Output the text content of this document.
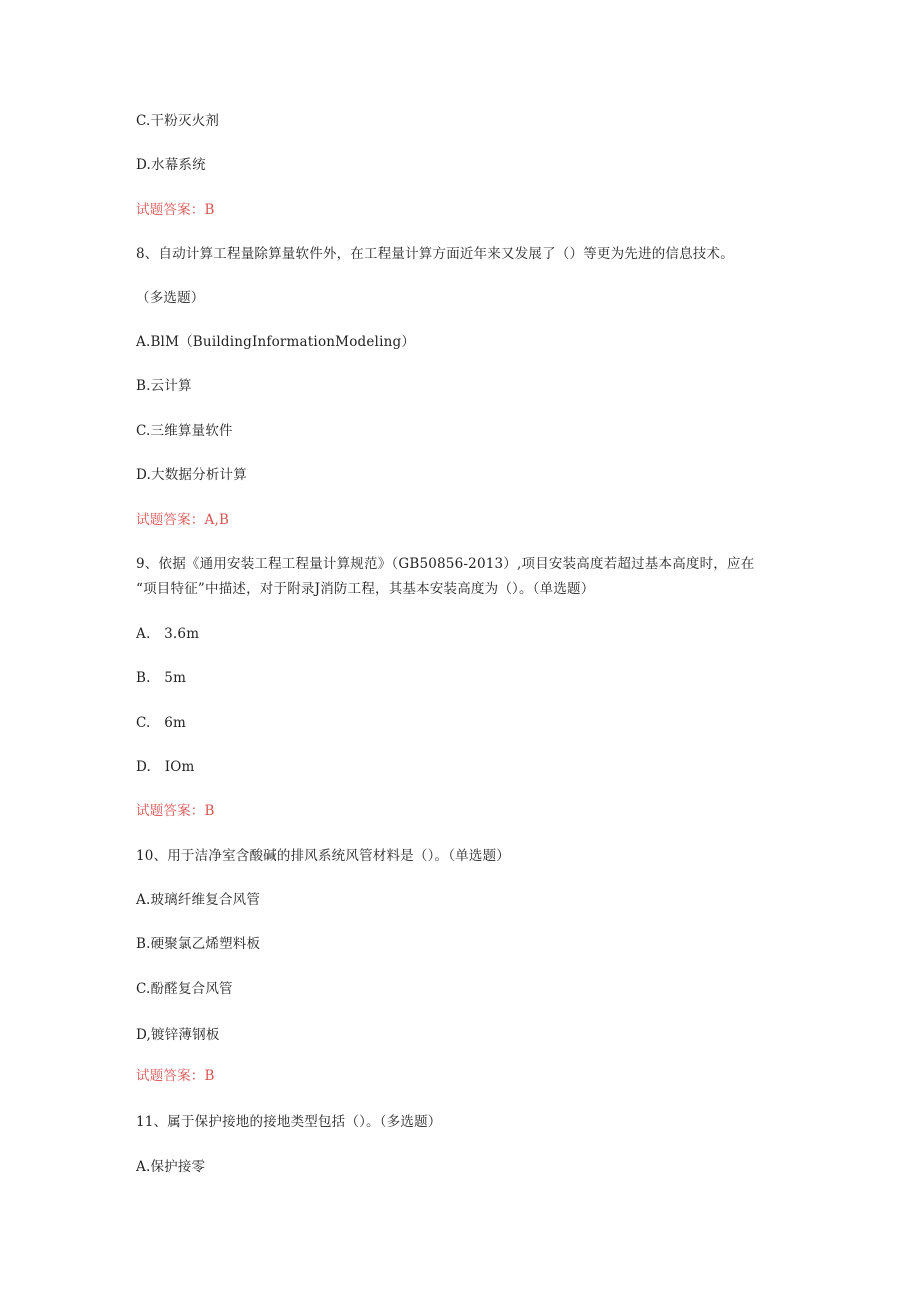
C.干粉灭火剂

D.水幕系统

试题答案：B

8、自动计算工程量除算量软件外，在工程量计算方面近年来又发展了（）等更为先进的信息技术。

（多选题）

A.BlM（BuildingInformationModeling）

B.云计算

C.三维算量软件

D.大数据分析计算

试题答案：A,B

9、依据《通用安装工程工程量计算规范》（GB50856-2013）,项目安装高度若超过基本高度时，应在

“项目特征”中描述，对于附录J消防工程，其基本安装高度为（）。（单选题）

A.　3.6m

B.　5m

C.　6m

D.　IOm

试题答案：B

10、用于洁净室含酸碱的排风系统风管材料是（）。（单选题）

A.玻璃纤维复合风管

B.硬聚氯乙烯塑料板

C.酚醛复合风管

D,镀锌薄钢板

试题答案：B

11、属于保护接地的接地类型包括（）。（多选题）

A.保护接零
